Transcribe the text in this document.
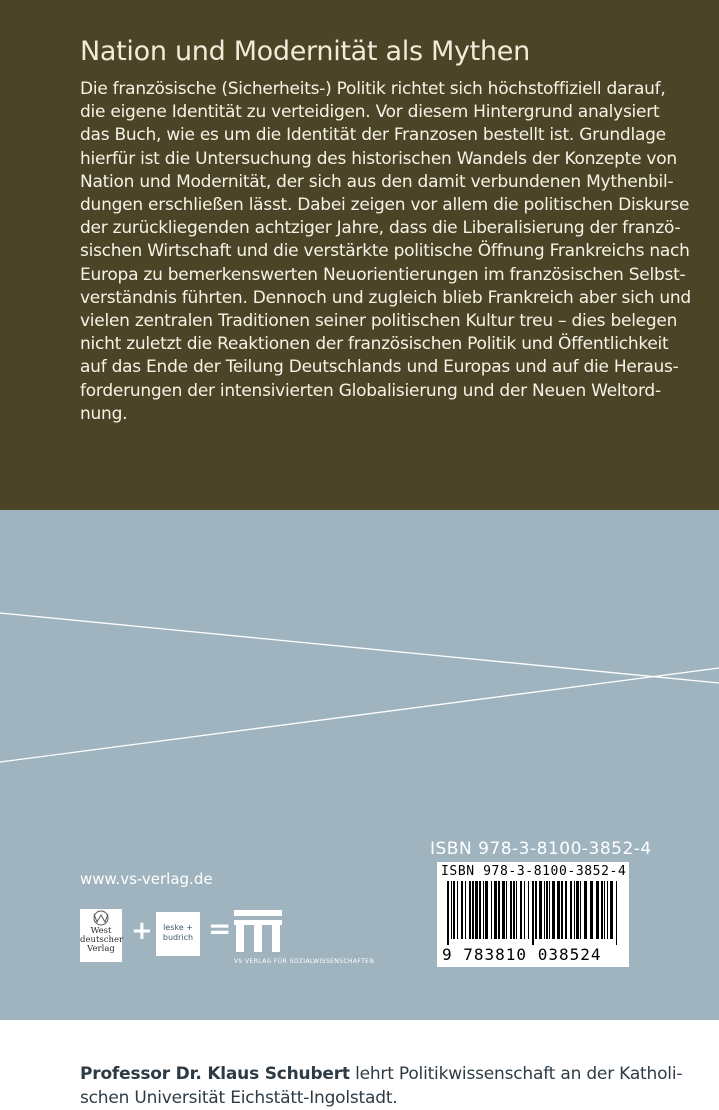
Nation und Modernität als Mythen

Die französische (Sicherheits-) Politik richtet sich höchstoffiziell darauf,
die eigene Identität zu verteidigen. Vor diesem Hintergrund analysiert
das Buch, wie es um die Identität der Franzosen bestellt ist. Grundlage
hierfür ist die Untersuchung des historischen Wandels der Konzepte von
Nation und Modernität, der sich aus den damit verbundenen Mythenbil-
dungen erschließen lässt. Dabei zeigen vor allem die politischen Diskurse
der zurückliegenden achtziger Jahre, dass die Liberalisierung der franzö-
sischen Wirtschaft und die verstärkte politische Öffnung Frankreichs nach
Europa zu bemerkenswerten Neuorientierungen im französischen Selbst-
verständnis führten. Dennoch und zugleich blieb Frankreich aber sich und
vielen zentralen Traditionen seiner politischen Kultur treu – dies belegen
nicht zuletzt die Reaktionen der französischen Politik und Öffentlichkeit
auf das Ende der Teilung Deutschlands und Europas und auf die Heraus-
forderungen der intensivierten Globalisierung und der Neuen Weltord-
nung.

Professor Dr. Klaus Schubert lehrt Politikwissenschaft an der Katholi-
schen Universität Eichstätt-Ingolstadt.

ISBN 978-3-8100-3852-4
ISBN 978-3-8100-3852-4
9 783810 038524
www.vs-verlag.de
West
deutscher
Verlag
+	leske +
budrich =
VS VERLAG FÜR SOZIALWISSENSCHAFTEN
